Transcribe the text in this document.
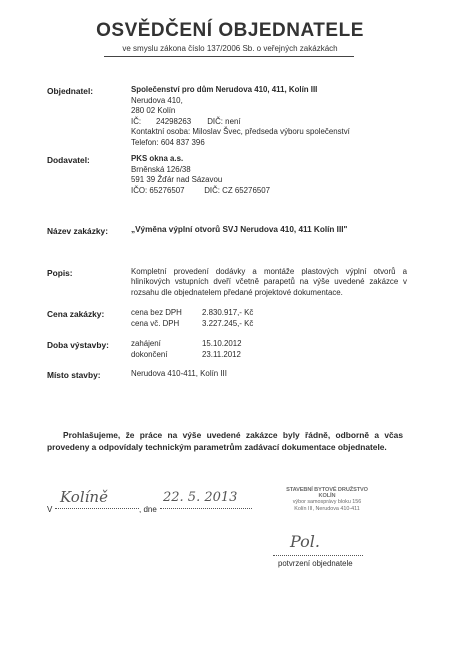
OSVĚDČENÍ OBJEDNATELE
ve smyslu zákona číslo 137/2006 Sb. o veřejných zakázkách
Objednatel:	Společenství pro dům Nerudova 410, 411, Kolín III
Nerudova 410,
280 02 Kolín
IČ: 24298263 DIČ: není
Kontaktní osoba: Miloslav Švec, předseda výboru společenství
Telefon: 604 837 396
Dodavatel:	PKS okna a.s.
Brněnská 126/38
591 39 Žďár nad Sázavou
IČO: 65276507 DIČ: CZ 65276507
Název zakázky:	„Výměna výplní otvorů SVJ Nerudova 410, 411 Kolín III"
Popis:	Kompletní provedení dodávky a montáže plastových výplní otvorů a hliníkových vstupních dveří včetně parapetů na výše uvedené zakázce v rozsahu dle objednatelem předané projektové dokumentace.
Cena zakázky:	cena bez DPH	2.830.917,- Kč
cena vč. DPH	3.227.245,- Kč
Doba výstavby:	zahájení	15.10.2012
dokončení	23.11.2012
Místo stavby:	Nerudova 410-411, Kolín III
Prohlašujeme, že práce na výše uvedené zakázce byly řádně, odborně a včas provedeny a odpovídaly technickým parametrům zadávací dokumentace objednatele.
V
Kolíně
, dne
22. 5. 2013	STAVEBNÍ BYTOVÉ DRUŽSTVO KOLÍN
výbor samosprávy bloku 156
Kolín III, Nerudova 410-411
Pol.
potvrzení objednatele
